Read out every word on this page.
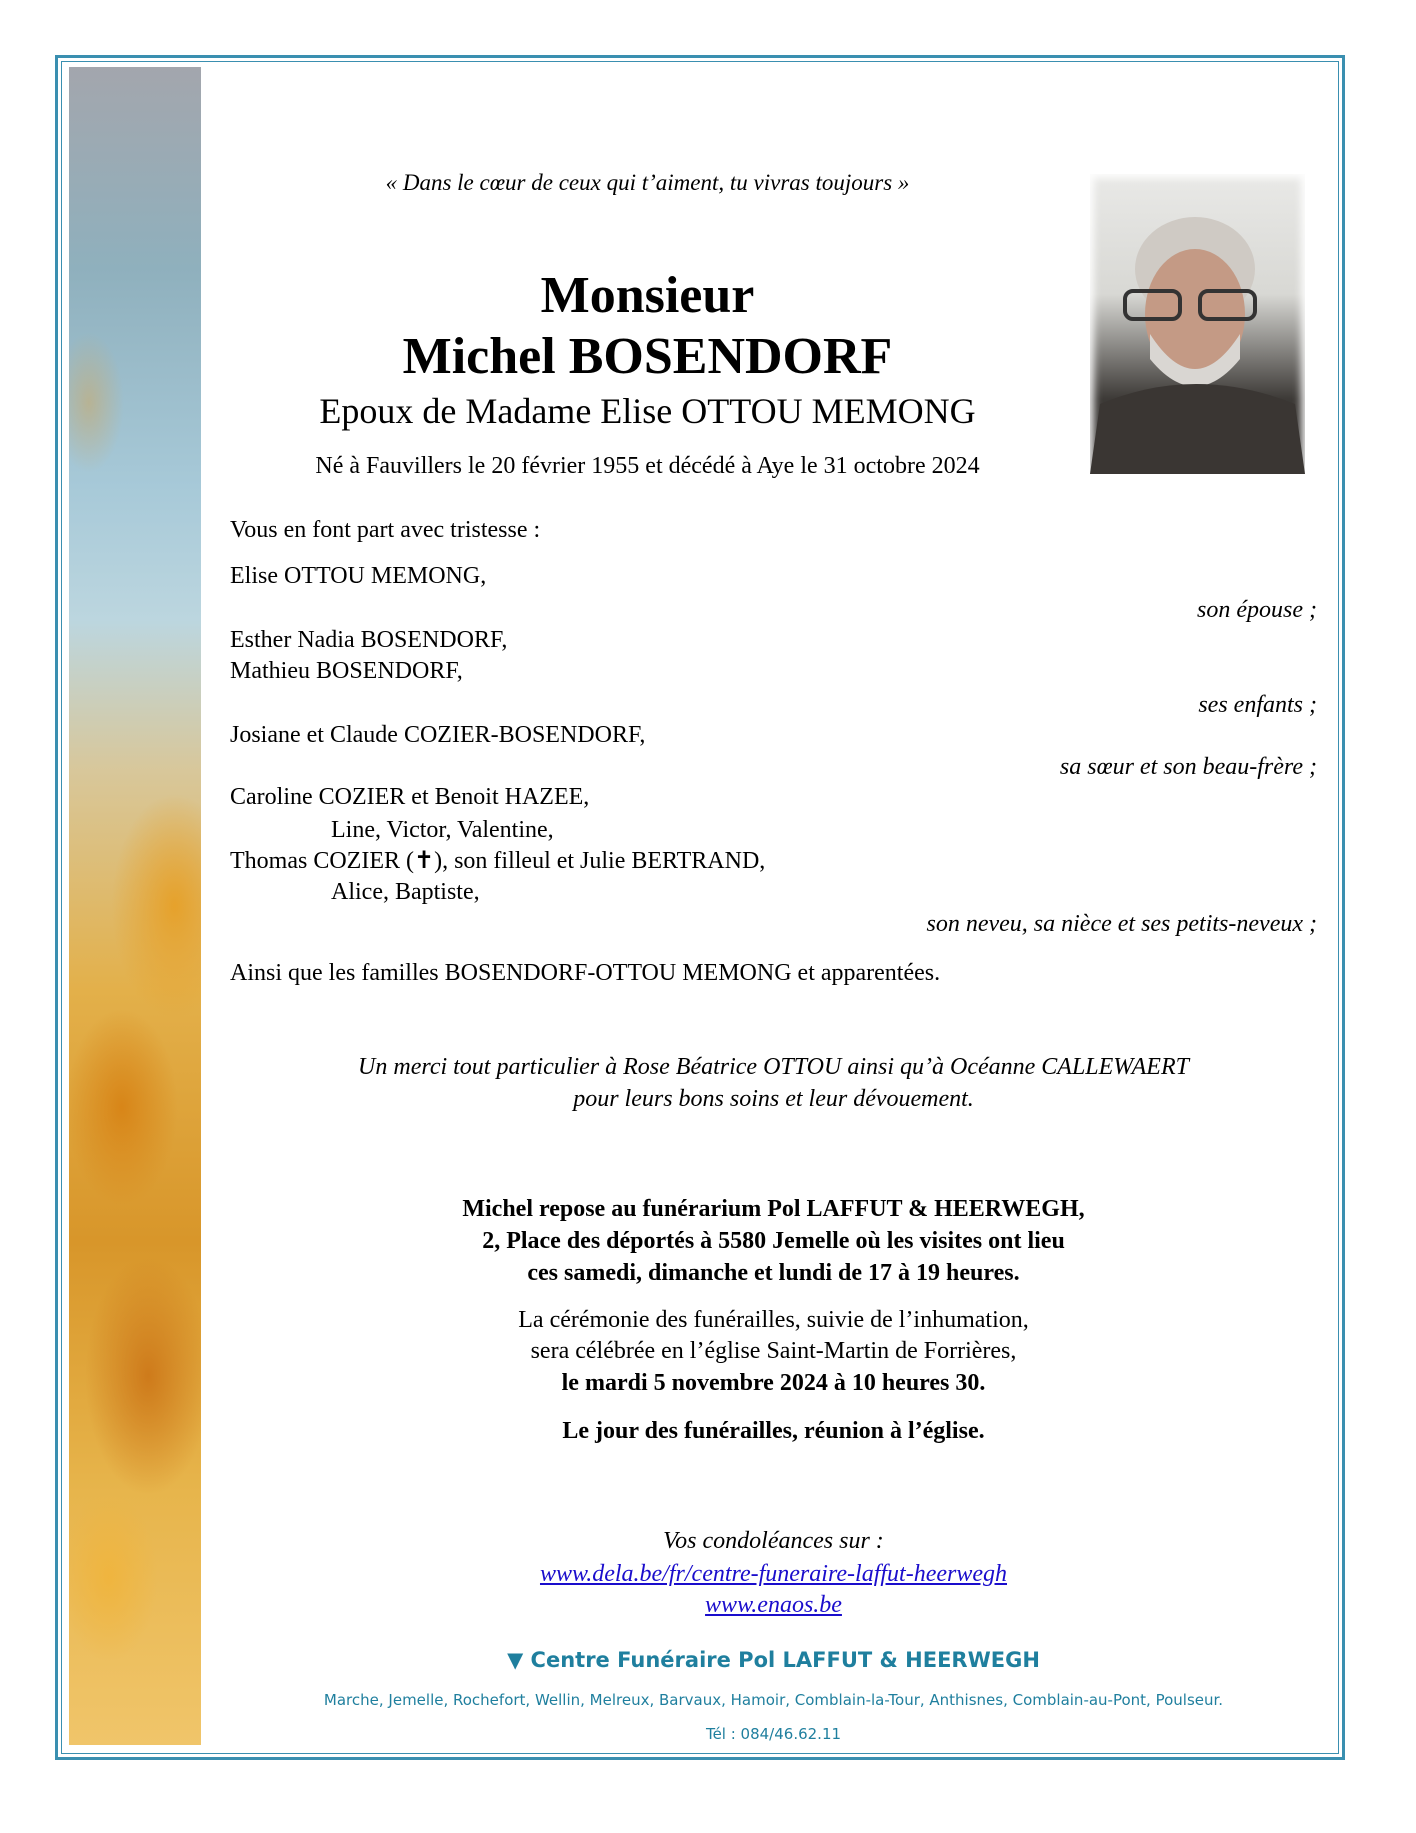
« Dans le cœur de ceux qui t’aiment, tu vivras toujours »
Monsieur
Michel BOSENDORF
Epoux de Madame Elise OTTOU MEMONG
Né à Fauvillers le 20 février 1955 et décédé à Aye le 31 octobre 2024
Vous en font part avec tristesse :
Elise OTTOU MEMONG,
son épouse ;
Esther Nadia BOSENDORF,
Mathieu BOSENDORF,
ses enfants ;
Josiane et Claude COZIER-BOSENDORF,
sa sœur et son beau-frère ;
Caroline COZIER et Benoit HAZEE,
Line, Victor, Valentine,
Thomas COZIER (✝), son filleul et Julie BERTRAND,
Alice, Baptiste,
son neveu, sa nièce et ses petits-neveux ;
Ainsi que les familles BOSENDORF-OTTOU MEMONG et apparentées.
Un merci tout particulier à Rose Béatrice OTTOU ainsi qu’à Océanne CALLEWAERT
pour leurs bons soins et leur dévouement.
Michel repose au funérarium Pol LAFFUT & HEERWEGH,
2, Place des déportés à 5580 Jemelle où les visites ont lieu
ces samedi, dimanche et lundi de 17 à 19 heures.
La cérémonie des funérailles, suivie de l’inhumation,
sera célébrée en l’église Saint-Martin de Forrières,
le mardi 5 novembre 2024 à 10 heures 30.
Le jour des funérailles, réunion à l’église.
Vos condoléances sur :
www.dela.be/fr/centre-funeraire-laffut-heerwegh
www.enaos.be
▼ Centre Funéraire Pol LAFFUT & HEERWEGH
Marche, Jemelle, Rochefort, Wellin, Melreux, Barvaux, Hamoir, Comblain-la-Tour, Anthisnes, Comblain-au-Pont, Poulseur.
Tél : 084/46.62.11
